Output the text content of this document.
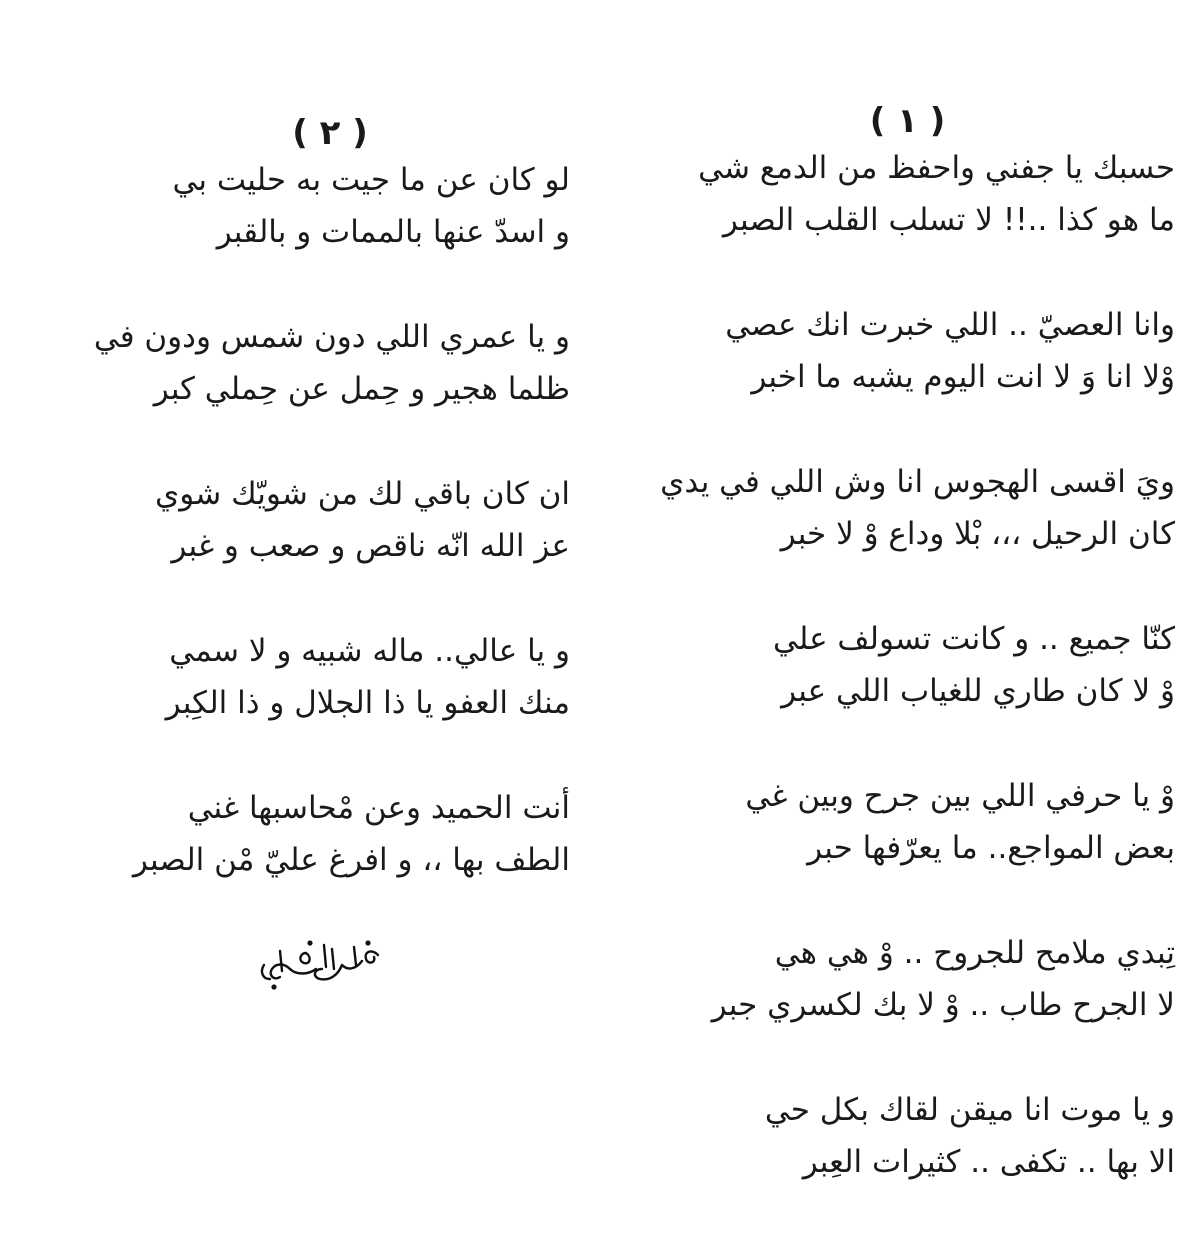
( ١ )
حسبك يا جفني واحفظ من الدمع شي
ما هو كذا ..!! لا تسلب القلب الصبر
وانا العصيّ .. اللي خبرت انك عصي
وْلا انا وَ لا انت اليوم يشبه ما اخبر
ويَ اقسى الهجوس انا وش اللي في يدي
كان الرحيل ،،، بْلا وداع وْ لا خبر
كنّا جميع .. و كانت تسولف علي
وْ لا كان طاري للغياب اللي عبر
وْ يا حرفي اللي بين جرح وبين غي
بعض المواجع.. ما يعرّفها حبر
تِبدي ملامح للجروح .. وْ هي هي
لا الجرح طاب .. وْ لا بك لكسري جبر
و يا موت انا ميقن لقاك بكل حي
الا بها .. تكفى .. كثيرات العِبر
( ٢ )
لو كان عن ما جيت به حليت بي
و اسدّ عنها بالممات و بالقبر
و يا عمري اللي دون شمس ودون في
ظلما هجير و حِمل عن حِملي كبر
ان كان باقي لك من شويّك شوي
عز الله انّه ناقص و صعب و غبر
و يا عالي.. ماله شبيه و لا سمي
منك العفو يا ذا الجلال و ذا الكِبر
أنت الحميد وعن مْحاسبها غني
الطف بها ،، و افرغ عليّ مْن الصبر
